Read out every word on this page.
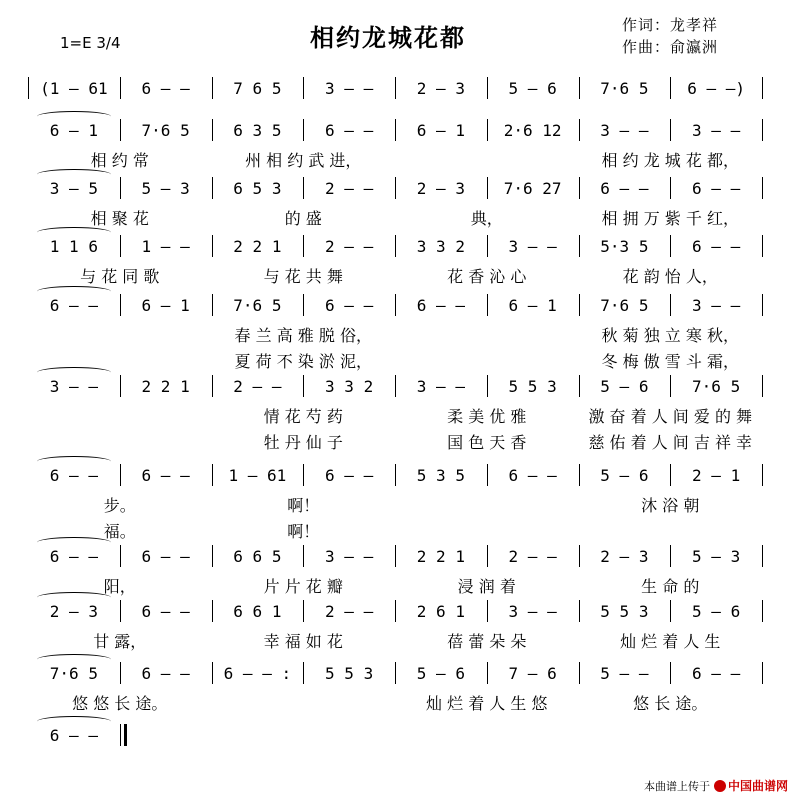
相约龙城花都
1=E 3/4
作词：龙孝祥
作曲：俞瀛洲
(1 — 61	6 — —	7 6 5	3 — —	2 — 3	5 — 6	7·6 5	6 — —)
6 — 1	7·6 5	6 3 5	6 — —	6 — 1	2·6 12	3 — —	3 — —
相 约 常	州 相 约 武 进，	相 约 龙 城 花 都，
3 — 5	5 — 3	6 5 3	2 — —	2 — 3	7·6 27	6 — —	6 — —
相 聚 花	的 盛	典，	相 拥 万 紫 千 红，
1 1 6	1 — —	2 2 1	2 — —	3 3 2	3 — —	5·3 5	6 — —
与 花 同 歌	与 花 共 舞	花 香 沁 心	花 韵 怡 人，
6 — —	6 — 1	7·6 5	6 — —	6 — —	6 — 1	7·6 5	3 — —
春 兰 高 雅 脱 俗，	秋 菊 独 立 寒 秋，
夏 荷 不 染 淤 泥，	冬 梅 傲 雪 斗 霜，
3 — —	2 2 1	2 — —	3 3 2	3 — —	5 5 3	5 — 6	7·6 5
情 花 芍 药	柔 美 优 雅	激 奋 着 人 间 爱 的 舞
牡 丹 仙 子	国 色 天 香	慈 佑 着 人 间 吉 祥 幸
6 — —	6 — —	1 — 61	6 — —	5 3 5	6 — —	5 — 6	2 — 1
步。	啊！	沐 浴 朝
福。	啊！
6 — —	6 — —	6 6 5	3 — —	2 2 1	2 — —	2 — 3	5 — 3
阳，	片 片 花 瓣	浸 润 着	生 命 的
2 — 3	6 — —	6 6 1	2 — —	2 6 1	3 — —	5 5 3	5 — 6
甘 露，	幸 福 如 花	蓓 蕾 朵 朵	灿 烂 着 人 生
7·6 5	6 — —	6 — — :	5 5 3	5 — 6	7 — 6	5 — —	6 — —
悠 悠 长 途。	灿 烂 着 人 生 悠	悠 长 途。
6 — —
本曲谱上传于 中国曲谱网
